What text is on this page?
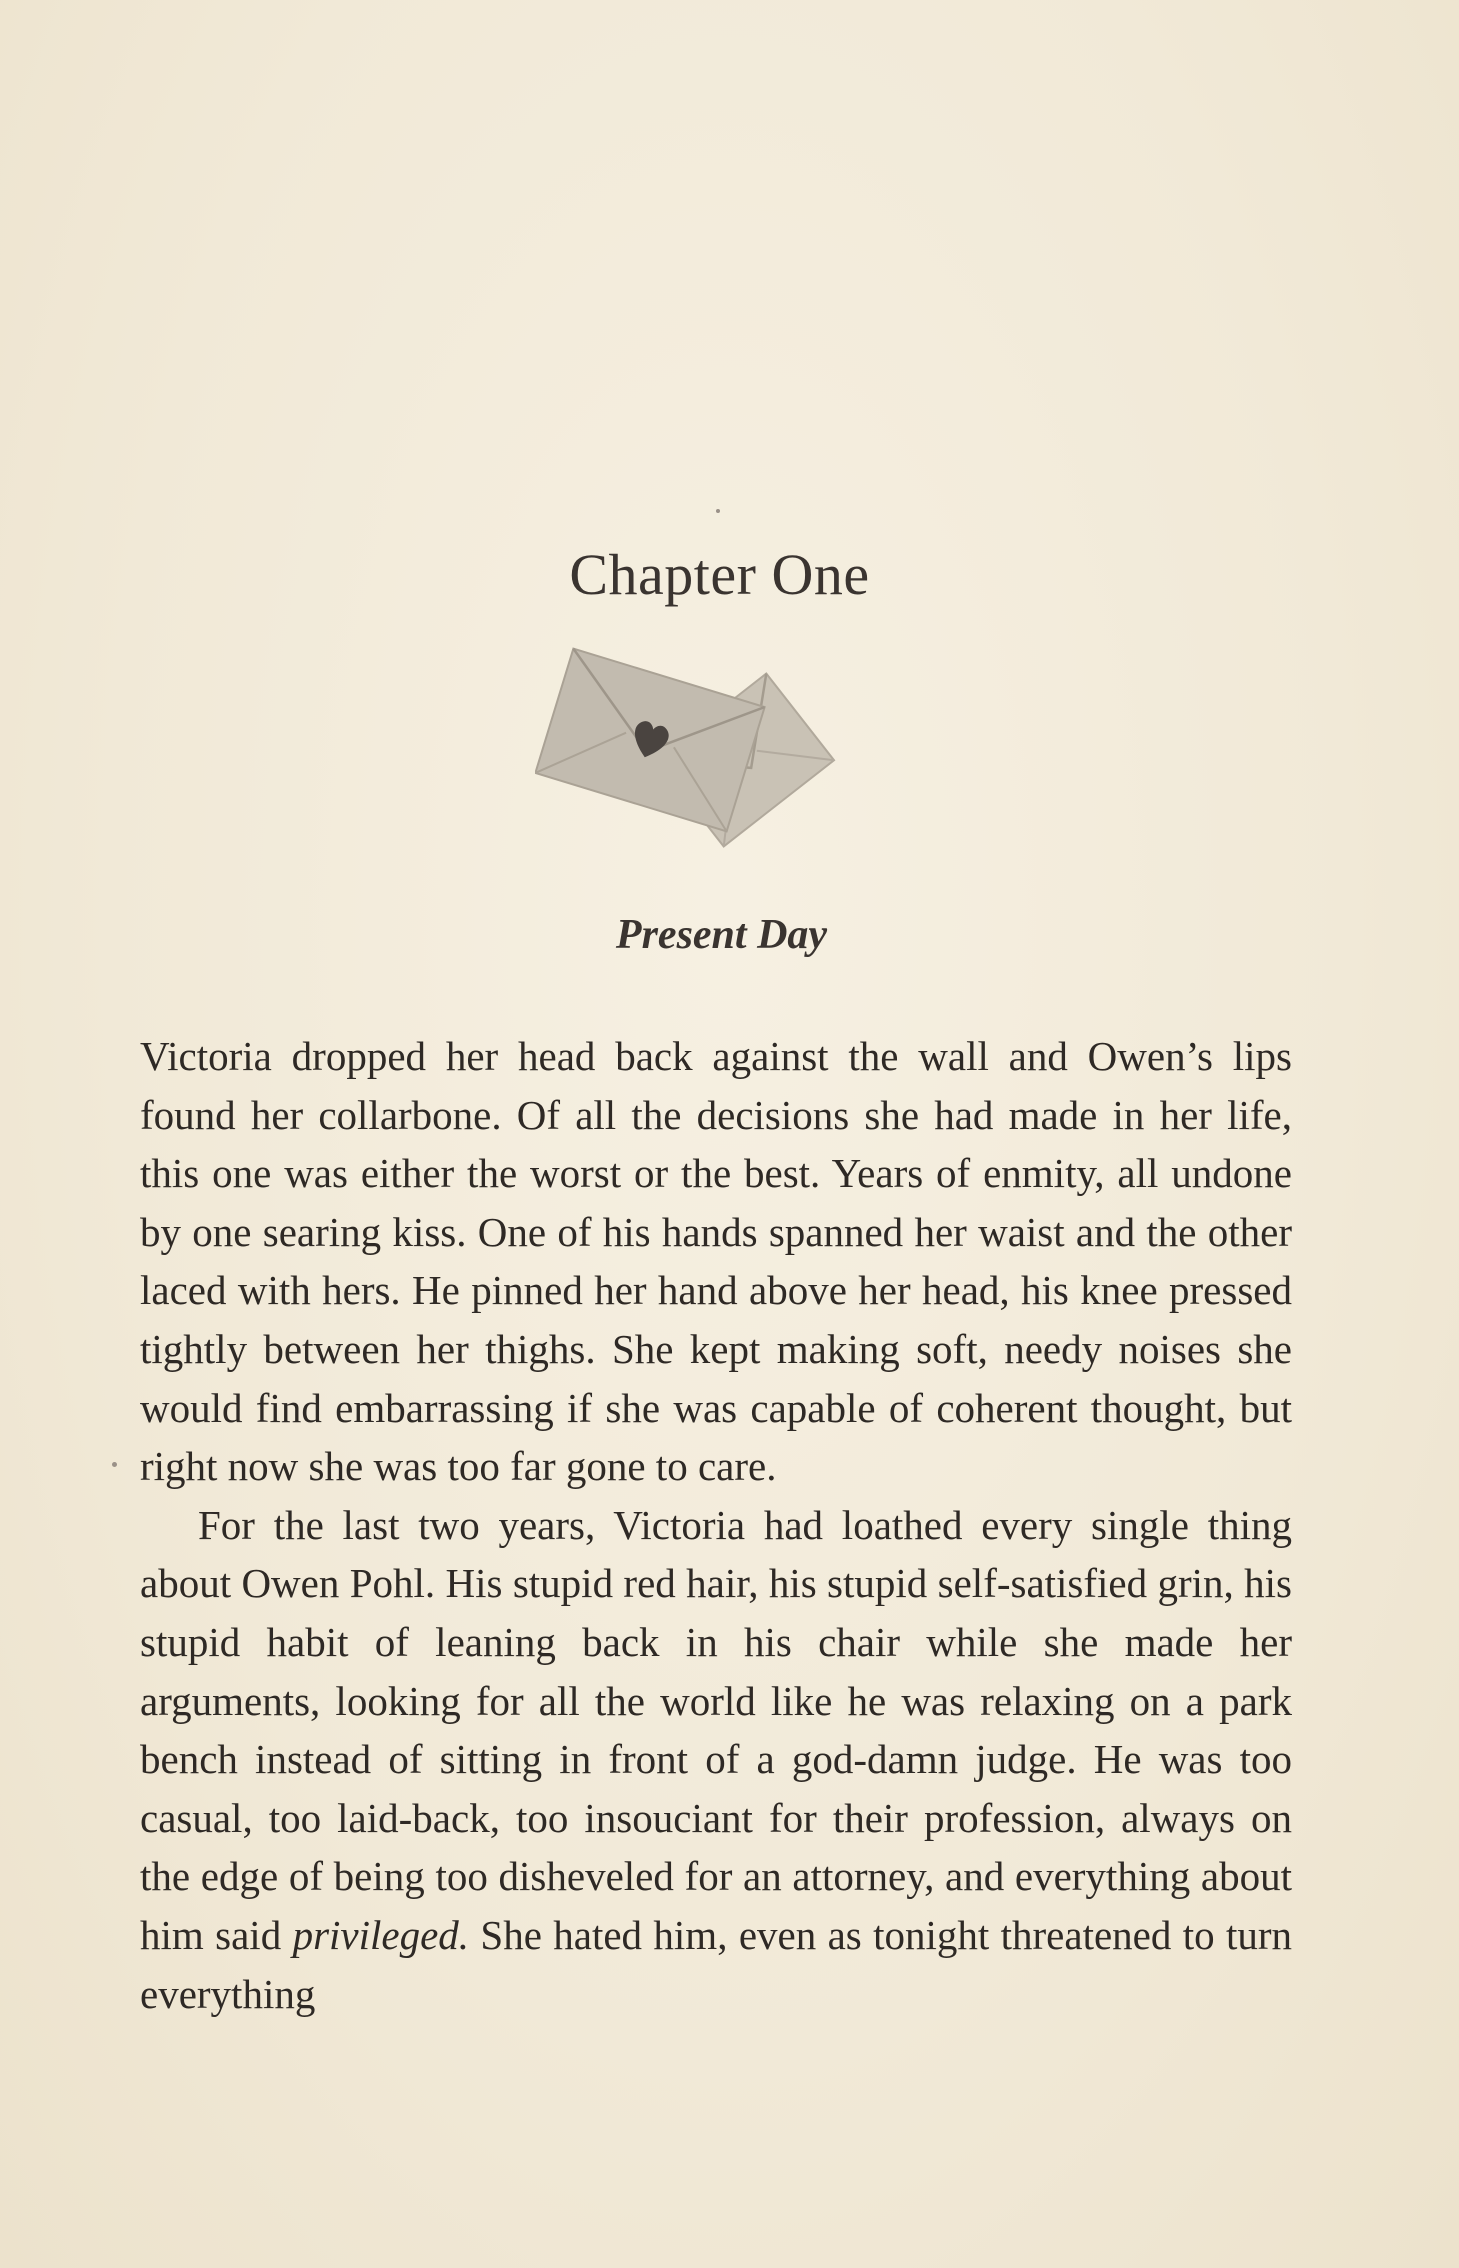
Chapter One
Present Day

Victoria dropped her head back against the wall and Owen’s lips found her collarbone. Of all the decisions she had made in her life, this one was either the worst or the best. Years of enmity, all undone by one searing kiss. One of his hands spanned her waist and the other laced with hers. He pinned her hand above her head, his knee pressed tightly between her thighs. She kept making soft, needy noises she would find embarrassing if she was capable of coherent thought, but right now she was too far gone to care.

For the last two years, Victoria had loathed every single thing about Owen Pohl. His stupid red hair, his stupid self-satisfied grin, his stupid habit of leaning back in his chair while she made her arguments, looking for all the world like he was relaxing on a park bench instead of sitting in front of a god-damn judge. He was too casual, too laid-back, too insouciant for their profession, always on the edge of being too disheveled for an attorney, and everything about him said privileged. She hated him, even as tonight threatened to turn everything
